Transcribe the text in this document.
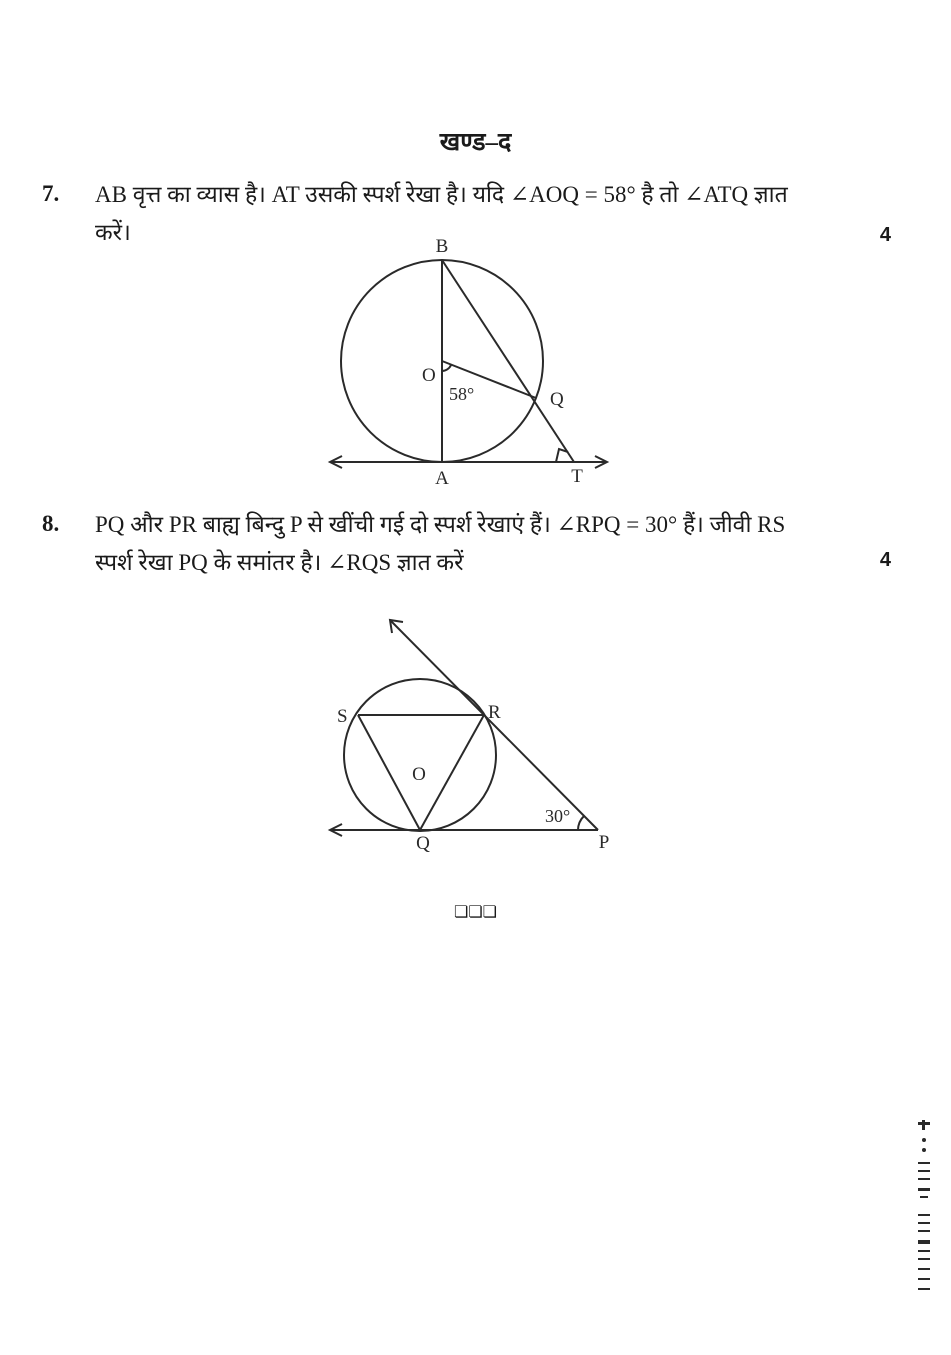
खण्ड–द
7. AB वृत्त का व्यास है। AT उसकी स्पर्श रेखा है। यदि ∠AOQ = 58° है तो ∠ATQ ज्ञात
करें।	4
B
O
58°	Q
A	T
8. PQ और PR बाह्य बिन्दु P से खींची गई दो स्पर्श रेखाएं हैं। ∠RPQ = 30° हैं। जीवी RS
स्पर्श रेखा PQ के समांतर है। ∠RQS ज्ञात करें	4
S	R
O
30°
Q	P
❏❏❏
